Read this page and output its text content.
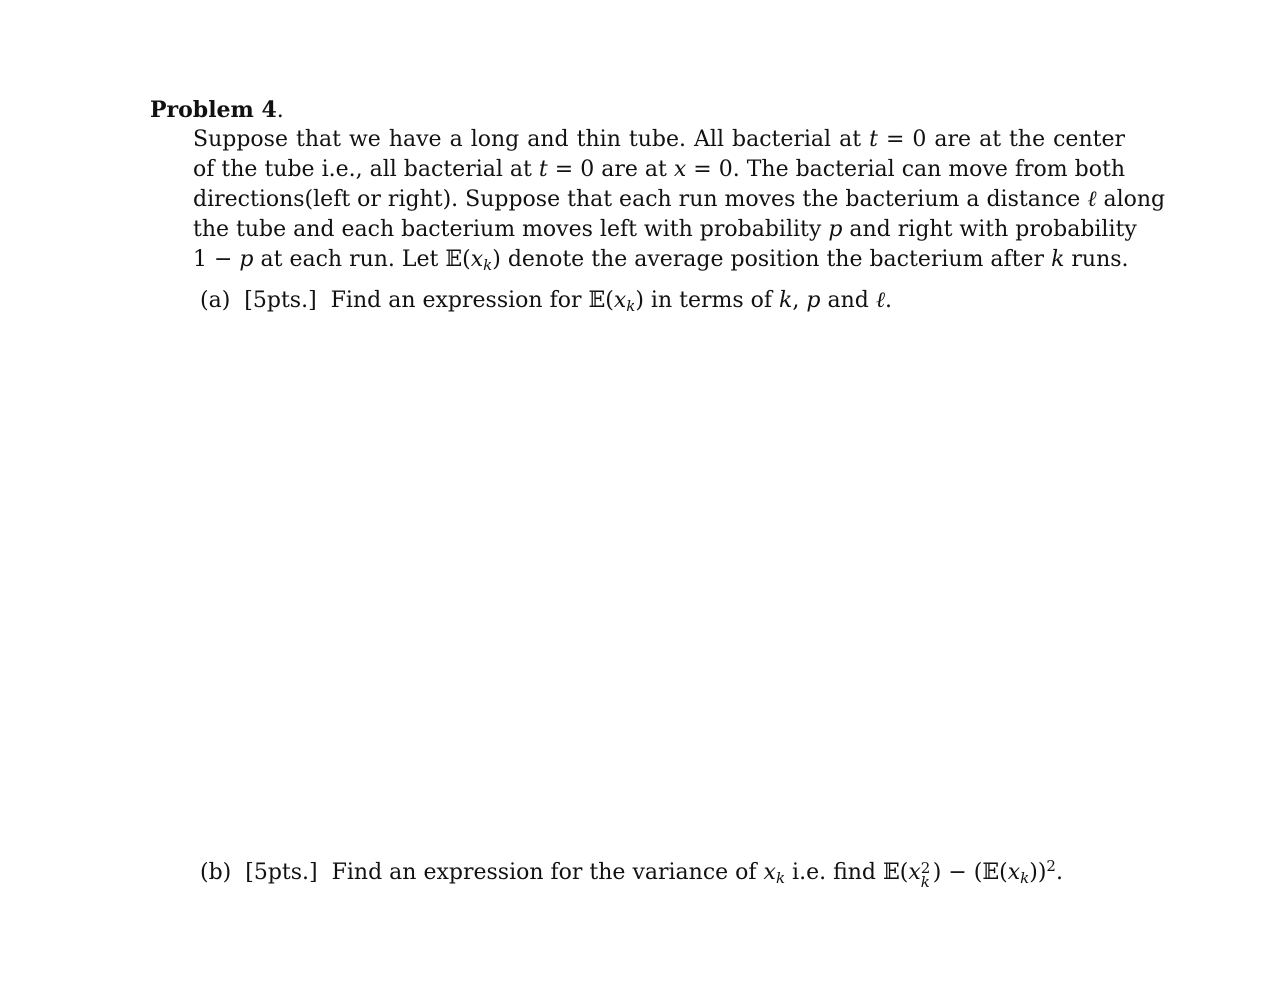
Problem 4.
Suppose that we have a long and thin tube. All bacterial at t = 0 are at the center
of the tube i.e., all bacterial at t = 0 are at x = 0. The bacterial can move from both
directions(left or right). Suppose that each run moves the bacterium a distance ℓ along
the tube and each bacterium moves left with probability p and right with probability
1 − p at each run. Let $𝔼(x_k)$ denote the average position the bacterium after k runs.
(a) [5pts.] Find an expression for $𝔼(x_k)$ in terms of k, p and ℓ.
(b) [5pts.] Find an expression for the variance of $x_k$ i.e. find 𝔼(x 2
k ) − $(𝔼(x_k))^2$.
